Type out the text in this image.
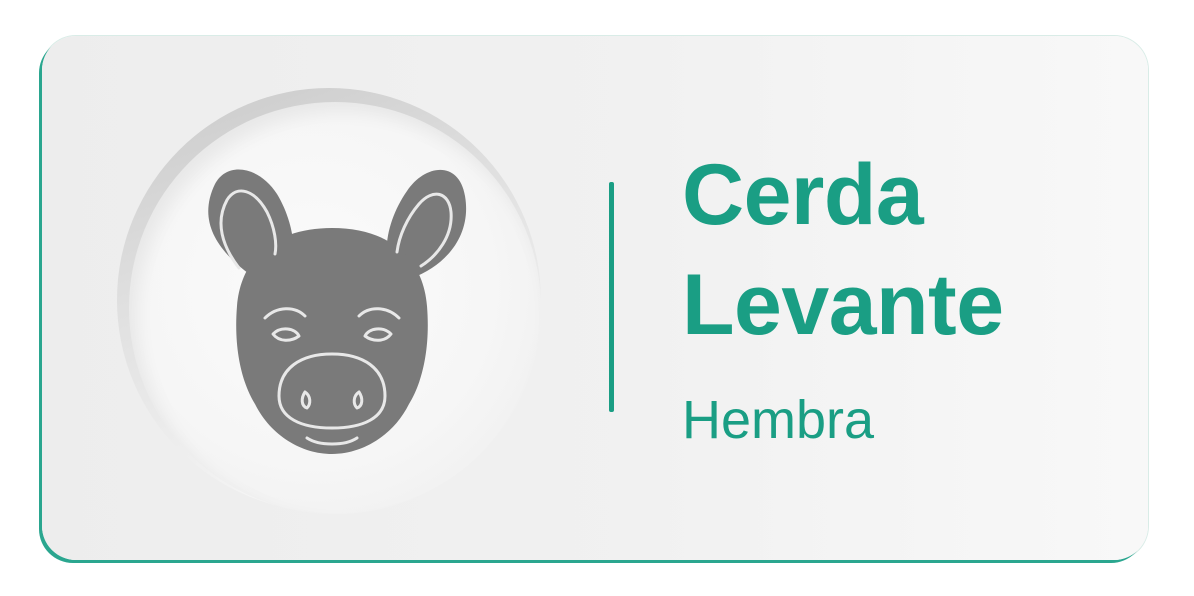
Cerda
Levante

Hembra
